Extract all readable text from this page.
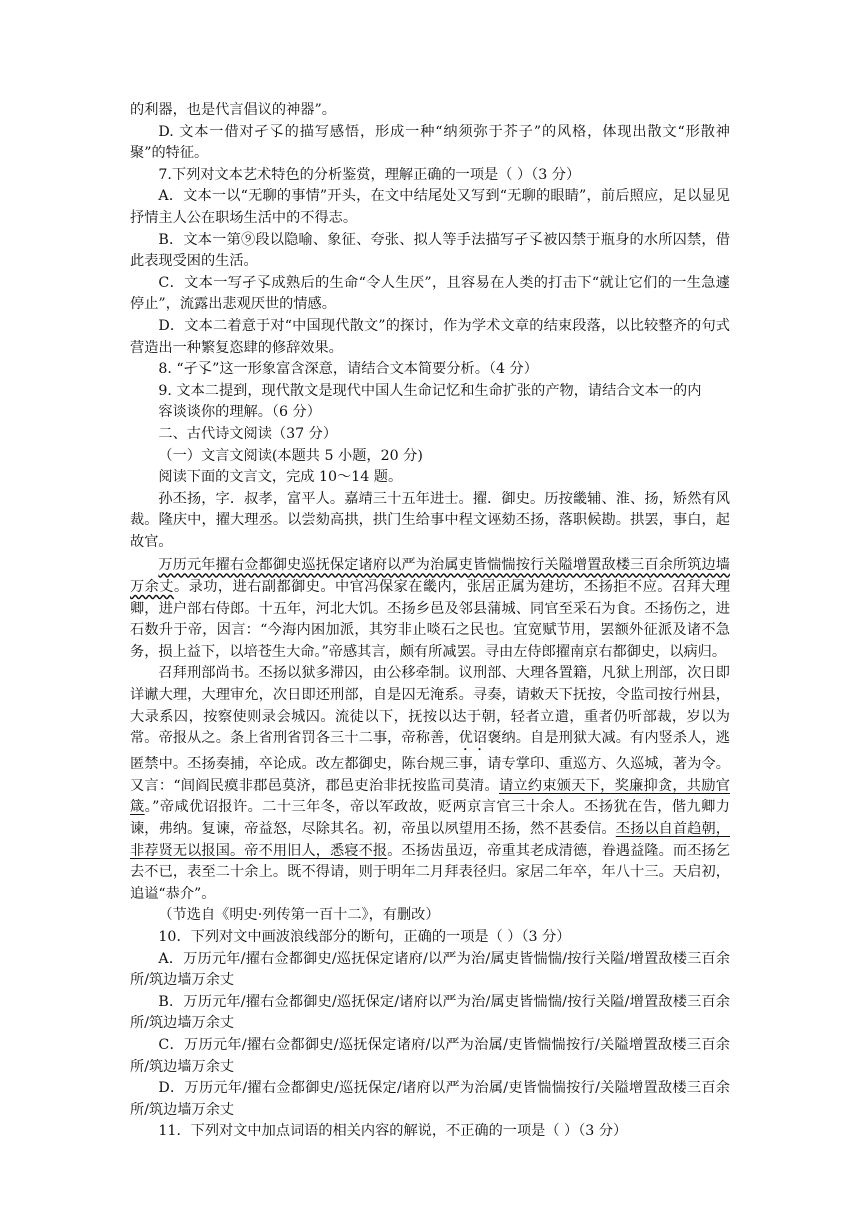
的利器，也是代言倡议的神器”。

D. 文本一借对孑孓的描写感悟，形成一种“纳须弥于芥子”的风格，体现出散文“形散神聚”的特征。

7.下列对文本艺术特色的分析鉴赏，理解正确的一项是（ ）（3 分）

A．文本一以“无聊的事情”开头，在文中结尾处又写到“无聊的眼睛”，前后照应，足以显见抒情主人公在职场生活中的不得志。

B．文本一第⑨段以隐喻、象征、夸张、拟人等手法描写孑孓被囚禁于瓶身的水所囚禁，借此表现受困的生活。

C．文本一写孑孓成熟后的生命“令人生厌”，且容易在人类的打击下“就让它们的一生急遽停止”，流露出悲观厌世的情感。

D．文本二着意于对“中国现代散文”的探讨，作为学术文章的结束段落，以比较整齐的句式营造出一种繁复恣肆的修辞效果。

8. “孑孓”这一形象富含深意，请结合文本简要分析。（4 分）

9. 文本二提到，现代散文是现代中国人生命记忆和生命扩张的产物，请结合文本一的内

容谈谈你的理解。（6 分）

二、古代诗文阅读（37 分）

（一）文言文阅读(本题共 5 小题，20 分)

阅读下面的文言文，完成 10～14 题。

孙丕扬，字．叔孝，富平人。嘉靖三十五年进士。擢．御史。历按畿辅、淮、扬，矫然有风裁。隆庆中，擢大理丞。以尝劾高拱，拱门生给事中程文诬劾丕扬，落职候勘。拱罢，事白，起故官。

万历元年擢右佥都御史巡抚保定诸府以严为治属吏皆惴惴按行关隘增置敌楼三百余所筑边墙万余丈。录功，进右副都御史。中官冯保家在畿内，张居正属为建坊，丕扬拒不应。召拜大理卿，进户部右侍郎。十五年，河北大饥。丕扬乡邑及邻县蒲城、同官至采石为食。丕扬伤之，进石数升于帝，因言：“今海内困加派，其穷非止啖石之民也。宜宽赋节用，罢额外征派及诸不急务，损上益下，以培苍生大命。”帝感其言，颇有所减罢。寻由左侍郎擢南京右都御史，以病归。

召拜刑部尚书。丕扬以狱多滞囚，由公移牵制。议刑部、大理各置籍，凡狱上刑部，次日即详谳大理，大理审允，次日即还刑部，自是囚无淹系。寻奏，请敕天下抚按，令监司按行州县，大录系囚，按察使则录会城囚。流徒以下，抚按以达于朝，轻者立遣，重者仍听部裁，岁以为常。帝报从之。条上省刑省罚各三十二事，帝称善，优诏褒纳。自是刑狱大减。有内竖杀人，逃匿禁中。丕扬奏捕，卒论成。改左都御史，陈台规三事，请专掌印、重巡方、久巡城，著为令。又言：“闾阎民瘼非郡邑莫济，郡邑吏治非抚按监司莫清。请立约束颁天下，奖廉抑贪，共励官箴。”帝咸优诏报许。二十三年冬，帝以军政故，贬两京言官三十余人。丕扬犹在告，偕九卿力谏，弗纳。复谏，帝益怒，尽除其名。初，帝虽以夙望用丕扬，然不甚委信。丕扬以自首趋朝，非荐贤无以报国。帝不用旧人，悉寝不报。丕扬齿虽迈，帝重其老成清德，眷遇益隆。而丕扬乞去不已，表至二十余上。既不得请，则于明年二月拜表径归。家居二年卒，年八十三。天启初，追谥“恭介”。

（节选自《明史·列传第一百十二》，有删改）

10．下列对文中画波浪线部分的断句，正确的一项是（ ）（3 分）

A．万历元年/擢右佥都御史/巡抚保定诸府/以严为治/属吏皆惴惴/按行关隘/增置敌楼三百余所/筑边墙万余丈

B．万历元年/擢右佥都御史/巡抚保定/诸府以严为治/属吏皆惴惴/按行关隘/增置敌楼三百余所/筑边墙万余丈

C．万历元年/擢右佥都御史/巡抚保定诸府/以严为治属/吏皆惴惴按行/关隘增置敌楼三百余所/筑边墙万余丈

D．万历元年/擢右佥都御史/巡抚保定/诸府以严为治属/吏皆惴惴按行/关隘增置敌楼三百余所/筑边墙万余丈

11．下列对文中加点词语的相关内容的解说，不正确的一项是（ ）（3 分）
